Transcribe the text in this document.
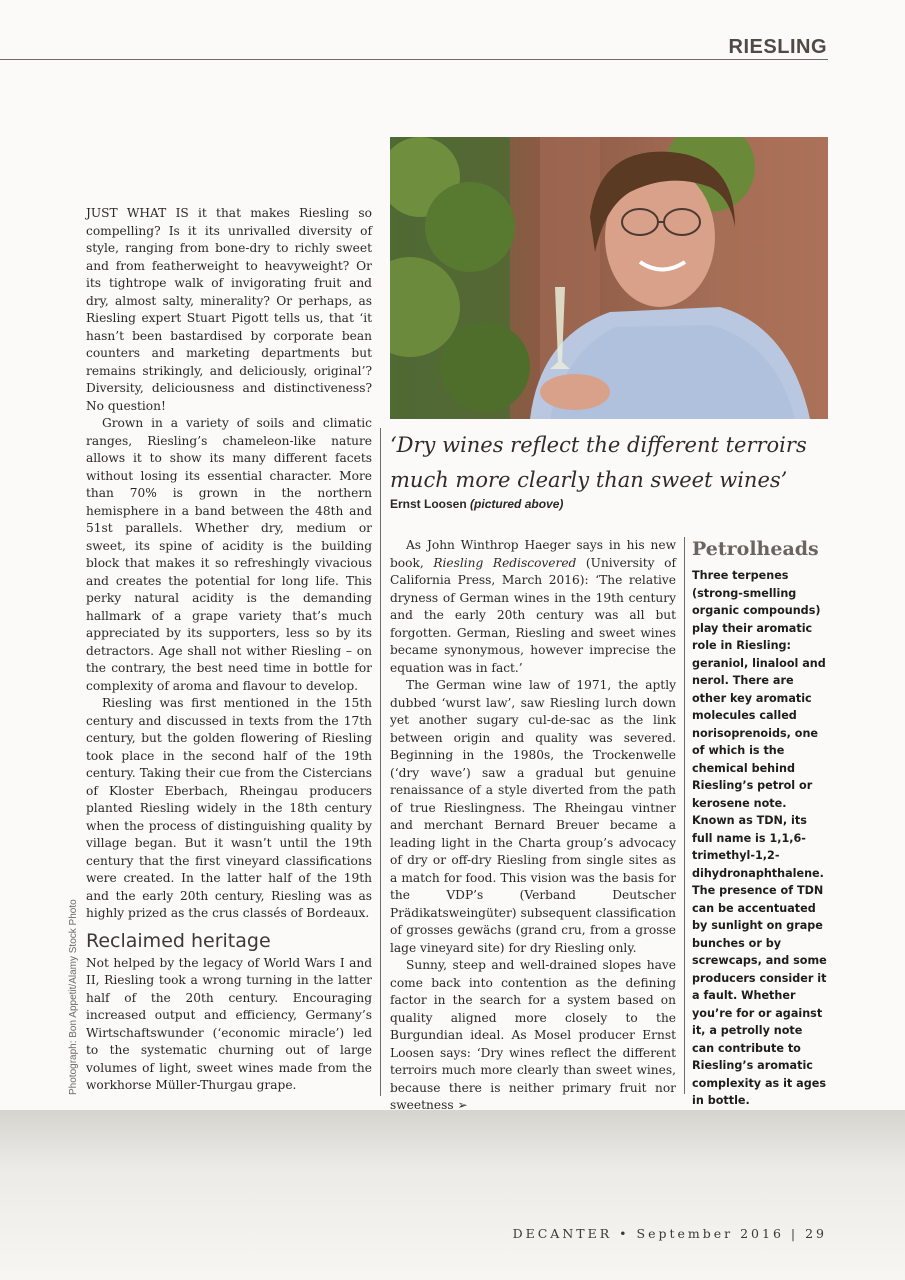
RIESLING
Photograph: Bon Appetit/Alamy Stock Photo
‘Dry wines reflect the different terroirs
much more clearly than sweet wines’
Ernst Loosen (pictured above)

JUST WHAT IS it that makes Riesling so compelling? Is it its unrivalled diversity of style, ranging from bone-dry to richly sweet and from featherweight to heavyweight? Or its tightrope walk of invigorating fruit and dry, almost salty, minerality? Or perhaps, as Riesling expert Stuart Pigott tells us, that ‘it hasn’t been bastardised by corporate bean counters and marketing departments but remains strikingly, and deliciously, original’? Diversity, deliciousness and distinctiveness? No question!

Grown in a variety of soils and climatic ranges, Riesling’s chameleon-like nature allows it to show its many different facets without losing its essential character. More than 70% is grown in the northern hemisphere in a band between the 48th and 51st parallels. Whether dry, medium or sweet, its spine of acidity is the building block that makes it so refreshingly vivacious and creates the potential for long life. This perky natural acidity is the demanding hallmark of a grape variety that’s much appreciated by its supporters, less so by its detractors. Age shall not wither Riesling – on the contrary, the best need time in bottle for complexity of aroma and flavour to develop.

Riesling was first mentioned in the 15th century and discussed in texts from the 17th century, but the golden flowering of Riesling took place in the second half of the 19th century. Taking their cue from the Cistercians of Kloster Eberbach, Rheingau producers planted Riesling widely in the 18th century when the process of distinguishing quality by village began. But it wasn’t until the 19th century that the first vineyard classifications were created. In the latter half of the 19th and the early 20th century, Riesling was as highly prized as the crus classés of Bordeaux.

Reclaimed heritage

Not helped by the legacy of World Wars I and II, Riesling took a wrong turning in the latter half of the 20th century. Encouraging increased output and efficiency, Germany’s Wirtschaftswunder (‘economic miracle’) led to the systematic churning out of large volumes of light, sweet wines made from the workhorse Müller-Thurgau grape.

As John Winthrop Haeger says in his new book, Riesling Rediscovered (University of California Press, March 2016): ‘The relative dryness of German wines in the 19th century and the early 20th century was all but forgotten. German, Riesling and sweet wines became synonymous, however imprecise the equation was in fact.’

The German wine law of 1971, the aptly dubbed ‘wurst law’, saw Riesling lurch down yet another sugary cul-de-sac as the link between origin and quality was severed. Beginning in the 1980s, the Trockenwelle (‘dry wave’) saw a gradual but genuine renaissance of a style diverted from the path of true Rieslingness. The Rheingau vintner and merchant Bernard Breuer became a leading light in the Charta group’s advocacy of dry or off-dry Riesling from single sites as a match for food. This vision was the basis for the VDP’s (Verband Deutscher Prädikatsweingüter) subsequent classification of grosses gewächs (grand cru, from a grosse lage vineyard site) for dry Riesling only.

Sunny, steep and well-drained slopes have come back into contention as the defining factor in the search for a system based on quality aligned more closely to the Burgundian ideal. As Mosel producer Ernst Loosen says: ‘Dry wines reflect the different terroirs much more clearly than sweet wines, because there is neither primary fruit nor sweetness ➢

Petrolheads

Three terpenes (strong-smelling organic compounds) play their aromatic role in Riesling: geraniol, linalool and nerol. There are other key aromatic molecules called norisoprenoids, one of which is the chemical behind Riesling’s petrol or kerosene note. Known as TDN, its full name is 1,1,6-trimethyl-1,2-dihydronaphthalene. The presence of TDN can be accentuated by sunlight on grape bunches or by screwcaps, and some producers consider it a fault. Whether you’re for or against it, a petrolly note can contribute to Riesling’s aromatic complexity as it ages in bottle.

DECANTER • September 2016 | 29
